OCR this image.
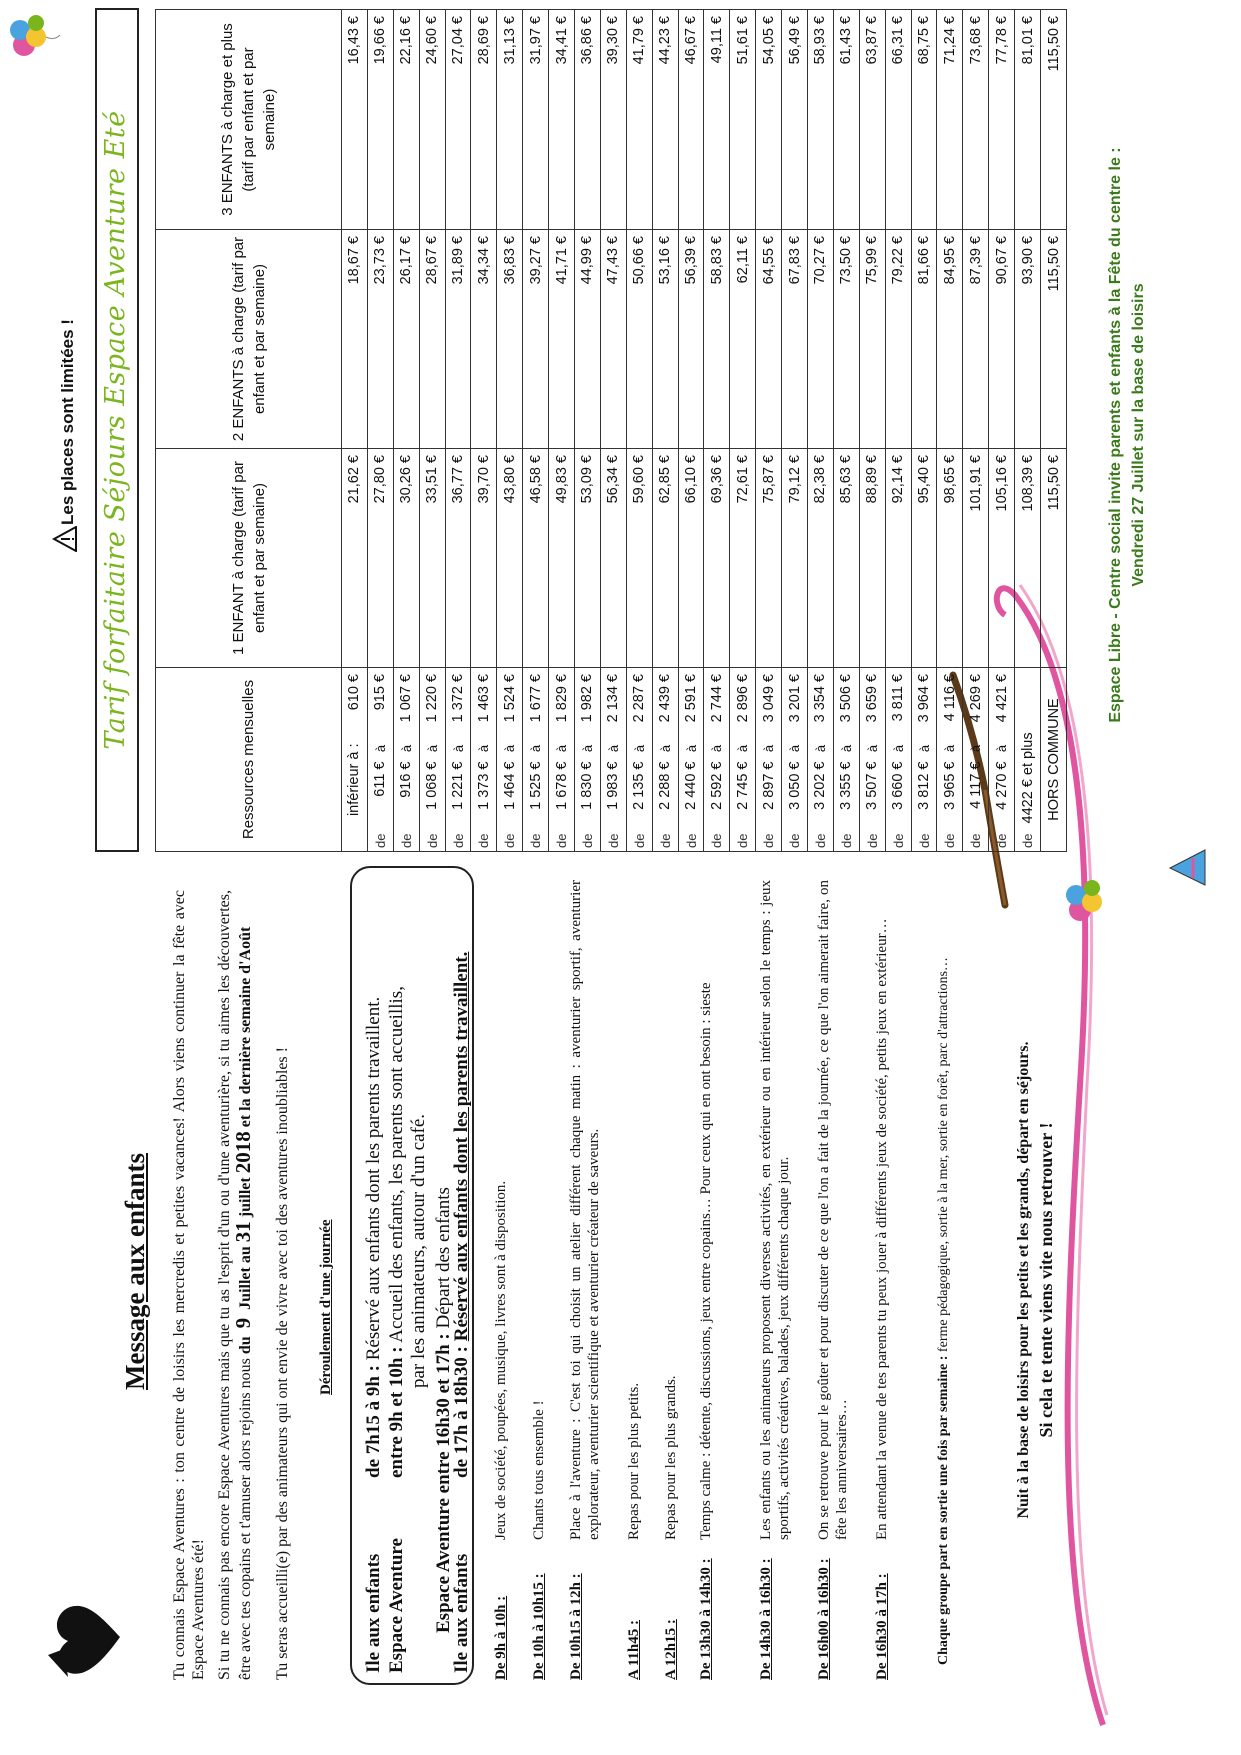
Message aux enfants Tu connais Espace Aventures : ton centre de loisirs les mercredis et petites vacances! Alors viens continuer la fête avec Espace Aventures été! Si tu ne connais pas encore Espace Aventures mais que tu as l'esprit d'un ou d'une aventurière, si tu aimes les découvertes, être avec tes copains et t'amuser alors rejoins nous du  9  Juillet au 31 juillet 2018 et la dernière semaine d'Août
Tu seras accueilli(e) par des animateurs qui ont envie de vivre avec toi des aventures inoubliables ! Déroulement d'une journée
Ile aux enfants
de 7h15 à 9h : Réservé aux enfants dont les parents travaillent.
Espace Aventure
entre 9h et 10h : Accueil des enfants, les parents sont accueillis, par les animateurs, autour d'un café.
Espace Aventure entre 16h30 et 17h : Départ des enfants
Ile aux enfants
de 17h à 18h30 : Réservé aux enfants dont les parents travaillent.
De 9h à 10h :
Jeux de société, poupées, musique, livres sont à disposition.
De 10h à 10h15 :
Chants tous ensemble !
De 10h15 à 12h :
Place à l'aventure : C'est toi qui choisit un atelier différent chaque matin : aventurier sportif, aventurier explorateur, aventurier scientifique et aventurier créateur de saveurs.
A 11h45 :
Repas pour les plus petits.
A 12h15 :
Repas pour les plus grands.
De 13h30 à 14h30 :
Temps calme : détente, discussions, jeux entre copains… Pour ceux qui en ont besoin : sieste
De 14h30 à 16h30 :
Les enfants ou les animateurs proposent diverses activités, en extérieur ou en intérieur selon le temps : jeux sportifs, activités créatives, balades, jeux différents chaque jour.
De 16h00 à 16h30 :
On se retrouve pour le goûter et pour discuter de ce que l'on a fait de la journée, ce que l'on aimerait faire, on fête les anniversaires…
De 16h30 à 17h :
En attendant la venue de tes parents tu peux jouer à différents jeux de société, petits jeux en extérieur…	Chaque groupe part en sortie une fois par semaine : ferme pédagogique, sortie à la mer, sortie en forêt, parc d'attractions…	Nuit à la base de loisirs pour les petits et les grands, départ en séjours. Si cela te tente viens vite nous retrouver !
Les places sont limitées ! Tarif forfaitaire Séjours Espace Aventure Eté
Ressources mensuelles				1 ENFANT à charge (tarif par enfant et par semaine)	2 ENFANTS à charge (tarif par enfant et par semaine)	3 ENFANTS à charge et plus (tarif par enfant et par semaine)
inférieur à :			610 €	21,62 €	18,67 €	16,43 €
de	611 €	à	915 €	27,80 €	23,73 €	19,66 €
de	916 €	à	1 067 €	30,26 €	26,17 €	22,16 €
de	1 068 €	à	1 220 €	33,51 €	28,67 €	24,60 €
de	1 221 €	à	1 372 €	36,77 €	31,89 €	27,04 €
de	1 373 €	à	1 463 €	39,70 €	34,34 €	28,69 €
de	1 464 €	à	1 524 €	43,80 €	36,83 €	31,13 €
de	1 525 €	à	1 677 €	46,58 €	39,27 €	31,97 €
de	1 678 €	à	1 829 €	49,83 €	41,71 €	34,41 €
de	1 830 €	à	1 982 €	53,09 €	44,99 €	36,86 €
de	1 983 €	à	2 134 €	56,34 €	47,43 €	39,30 €
de	2 135 €	à	2 287 €	59,60 €	50,66 €	41,79 €
de	2 288 €	à	2 439 €	62,85 €	53,16 €	44,23 €
de	2 440 €	à	2 591 €	66,10 €	56,39 €	46,67 €
de	2 592 €	à	2 744 €	69,36 €	58,83 €	49,11 €
de	2 745 €	à	2 896 €	72,61 €	62,11 €	51,61 €
de	2 897 €	à	3 049 €	75,87 €	64,55 €	54,05 €
de	3 050 €	à	3 201 €	79,12 €	67,83 €	56,49 €
de	3 202 €	à	3 354 €	82,38 €	70,27 €	58,93 €
de	3 355 €	à	3 506 €	85,63 €	73,50 €	61,43 €
de	3 507 €	à	3 659 €	88,89 €	75,99 €	63,87 €
de	3 660 €	à	3 811 €	92,14 €	79,22 €	66,31 €
de	3 812 €	à	3 964 €	95,40 €	81,66 €	68,75 €
de	3 965 €	à	4 116 €	98,65 €	84,95 €	71,24 €
de	4 117 €	à	4 269 €	101,91 €	87,39 €	73,68 €
de	4 270 €	à	4 421 €	105,16 €	90,67 €	77,78 €
de	4422 € et plus			108,39 €	93,90 €	81,01 €
HORS COMMUNE				115,50 €	115,50 €	115,50 €
Espace Libre - Centre social invite parents et enfants à la Fête du centre le : Vendredi 27 Juillet sur la base de loisirs
